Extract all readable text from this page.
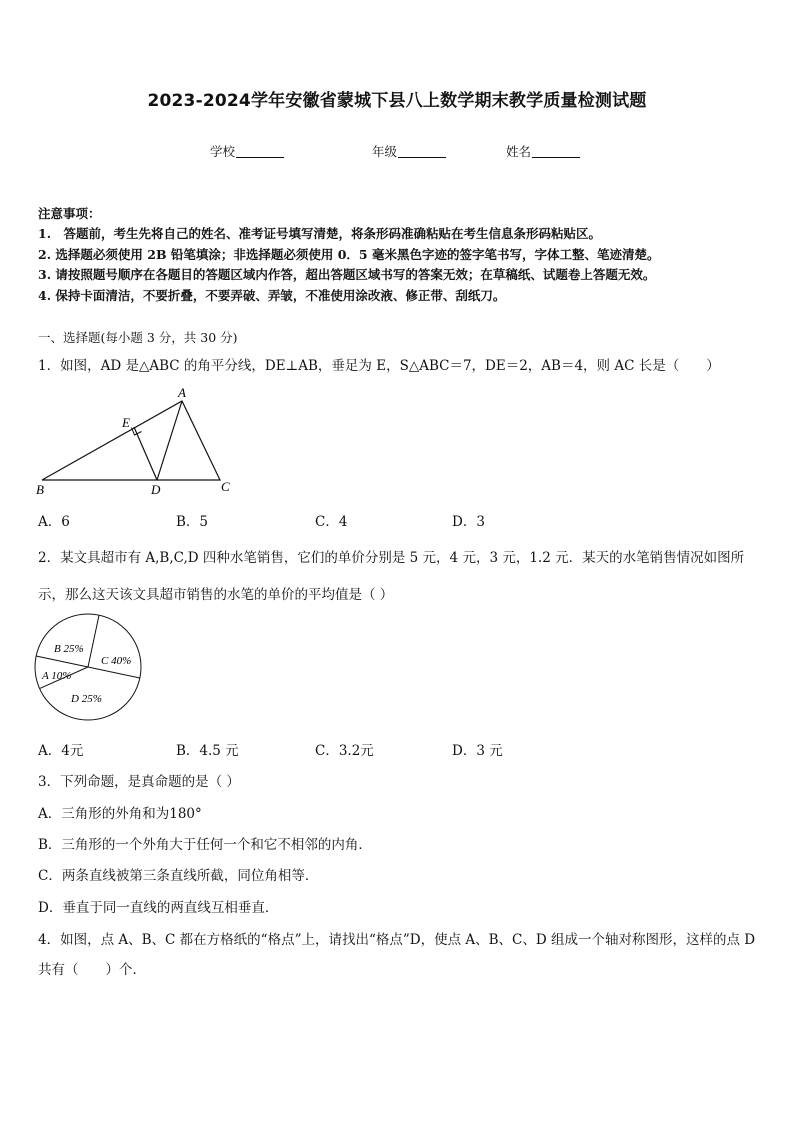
2023-2024学年安徽省蒙城下县八上数学期末教学质量检测试题
学校	年级	姓名
注意事项：
1.　答题前，考生先将自己的姓名、准考证号填写清楚，将条形码准确粘贴在考生信息条形码粘贴区。
2. 选择题必须使用 2B 铅笔填涂；非选择题必须使用 0．5 毫米黑色字迹的签字笔书写，字体工整、笔迹清楚。
3. 请按照题号顺序在各题目的答题区域内作答，超出答题区域书写的答案无效；在草稿纸、试题卷上答题无效。
4. 保持卡面清洁，不要折叠，不要弄破、弄皱，不准使用涂改液、修正带、刮纸刀。
一、选择题(每小题 3 分，共 30 分)
1．如图，AD 是△ABC 的角平分线，DE⊥AB，垂足为 E，S△ABC＝7，DE＝2，AB＝4，则 AC 长是（　　）
A
B	C
D
E
A．6	B．5	C．4	D．3
2．某文具超市有 A,B,C,D 四种水笔销售，它们的单价分别是 5 元，4 元，3 元，1.2 元．某天的水笔销售情况如图所
示，那么这天该文具超市销售的水笔的单价的平均值是（ ）
B 25%
C 40%
A 10%
D 25%
A．4元	B．4.5 元	C．3.2元	D．3 元
3．下列命题，是真命题的是（ ）
A．三角形的外角和为180°
B．三角形的一个外角大于任何一个和它不相邻的内角．
C．两条直线被第三条直线所截，同位角相等．
D．垂直于同一直线的两直线互相垂直．
4．如图，点 A、B、C 都在方格纸的“格点”上，请找出“格点”D，使点 A、B、C、D 组成一个轴对称图形，这样的点 D
共有（　　）个．
